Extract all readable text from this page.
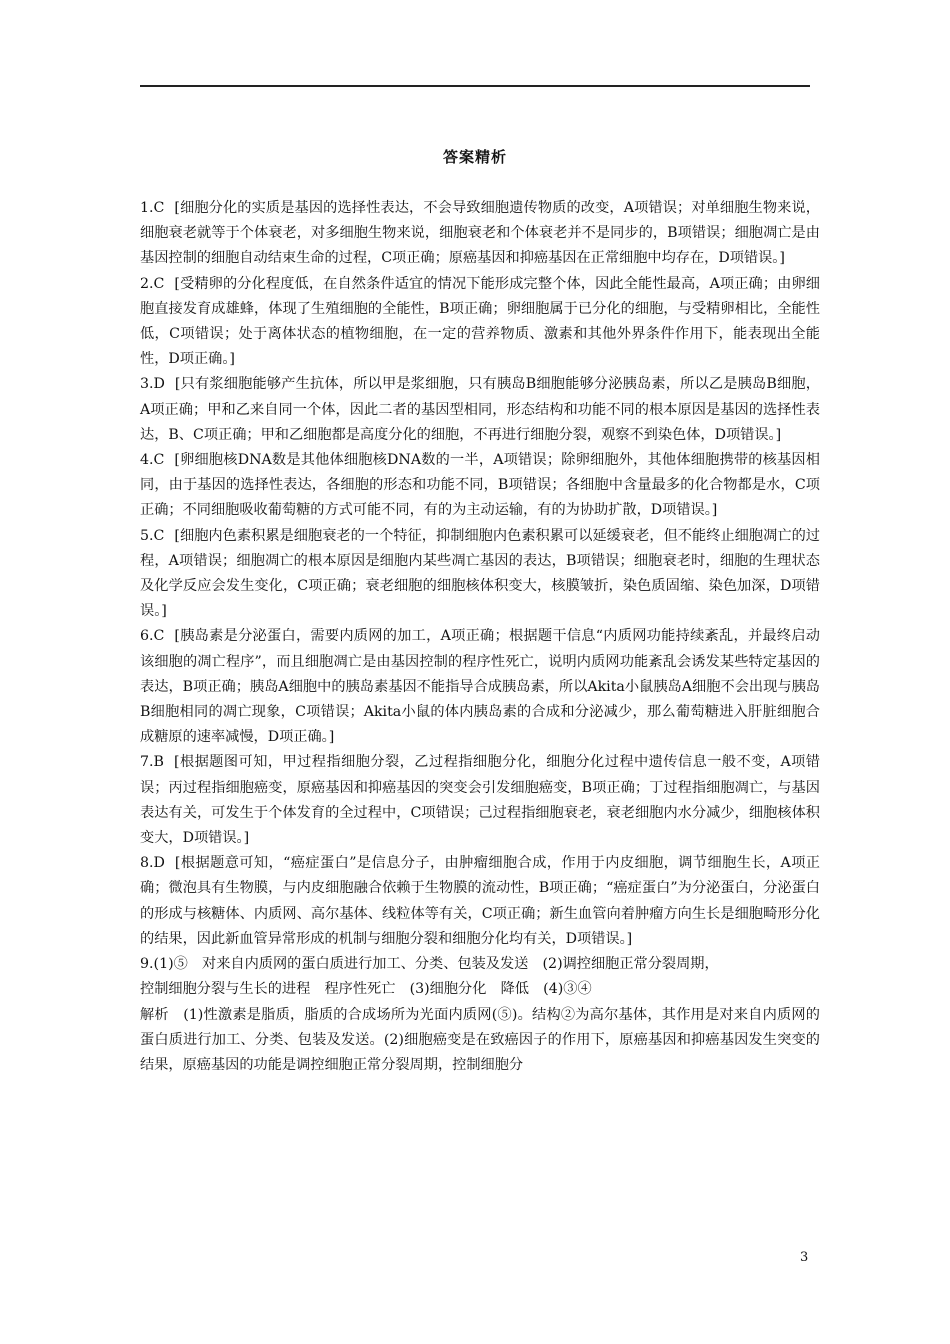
答案精析

1.C [细胞分化的实质是基因的选择性表达，不会导致细胞遗传物质的改变，A项错误；对单细胞生物来说，细胞衰老就等于个体衰老，对多细胞生物来说，细胞衰老和个体衰老并不是同步的，B项错误；细胞凋亡是由基因控制的细胞自动结束生命的过程，C项正确；原癌基因和抑癌基因在正常细胞中均存在，D项错误。]

2.C [受精卵的分化程度低，在自然条件适宜的情况下能形成完整个体，因此全能性最高，A项正确；由卵细胞直接发育成雄蜂，体现了生殖细胞的全能性，B项正确；卵细胞属于已分化的细胞，与受精卵相比，全能性低，C项错误；处于离体状态的植物细胞，在一定的营养物质、激素和其他外界条件作用下，能表现出全能性，D项正确。]

3.D [只有浆细胞能够产生抗体，所以甲是浆细胞，只有胰岛B细胞能够分泌胰岛素，所以乙是胰岛B细胞，A项正确；甲和乙来自同一个体，因此二者的基因型相同，形态结构和功能不同的根本原因是基因的选择性表达，B、C项正确；甲和乙细胞都是高度分化的细胞，不再进行细胞分裂，观察不到染色体，D项错误。]

4.C [卵细胞核DNA数是其他体细胞核DNA数的一半，A项错误；除卵细胞外，其他体细胞携带的核基因相同，由于基因的选择性表达，各细胞的形态和功能不同，B项错误；各细胞中含量最多的化合物都是水，C项正确；不同细胞吸收葡萄糖的方式可能不同，有的为主动运输，有的为协助扩散，D项错误。]

5.C [细胞内色素积累是细胞衰老的一个特征，抑制细胞内色素积累可以延缓衰老，但不能终止细胞凋亡的过程，A项错误；细胞凋亡的根本原因是细胞内某些凋亡基因的表达，B项错误；细胞衰老时，细胞的生理状态及化学反应会发生变化，C项正确；衰老细胞的细胞核体积变大，核膜皱折，染色质固缩、染色加深，D项错误。]

6.C [胰岛素是分泌蛋白，需要内质网的加工，A项正确；根据题干信息“内质网功能持续紊乱，并最终启动该细胞的凋亡程序”，而且细胞凋亡是由基因控制的程序性死亡，说明内质网功能紊乱会诱发某些特定基因的表达，B项正确；胰岛A细胞中的胰岛素基因不能指导合成胰岛素，所以Akita小鼠胰岛A细胞不会出现与胰岛B细胞相同的凋亡现象，C项错误；Akita小鼠的体内胰岛素的合成和分泌减少，那么葡萄糖进入肝脏细胞合成糖原的速率减慢，D项正确。]

7.B [根据题图可知，甲过程指细胞分裂，乙过程指细胞分化，细胞分化过程中遗传信息一般不变，A项错误；丙过程指细胞癌变，原癌基因和抑癌基因的突变会引发细胞癌变，B项正确；丁过程指细胞凋亡，与基因表达有关，可发生于个体发育的全过程中，C项错误；己过程指细胞衰老，衰老细胞内水分减少，细胞核体积变大，D项错误。]

8.D [根据题意可知，“癌症蛋白”是信息分子，由肿瘤细胞合成，作用于内皮细胞，调节细胞生长，A项正确；微泡具有生物膜，与内皮细胞融合依赖于生物膜的流动性，B项正确；“癌症蛋白”为分泌蛋白，分泌蛋白的形成与核糖体、内质网、高尔基体、线粒体等有关，C项正确；新生血管向着肿瘤方向生长是细胞畸形分化的结果，因此新血管异常形成的机制与细胞分裂和细胞分化均有关，D项错误。]

9.(1)⑤　对来自内质网的蛋白质进行加工、分类、包装及发送　(2)调控细胞正常分裂周期，
控制细胞分裂与生长的进程　程序性死亡　(3)细胞分化　降低　(4)③④

解析　(1)性激素是脂质，脂质的合成场所为光面内质网(⑤)。结构②为高尔基体，其作用是对来自内质网的蛋白质进行加工、分类、包装及发送。(2)细胞癌变是在致癌因子的作用下，原癌基因和抑癌基因发生突变的结果，原癌基因的功能是调控细胞正常分裂周期，控制细胞分

3
